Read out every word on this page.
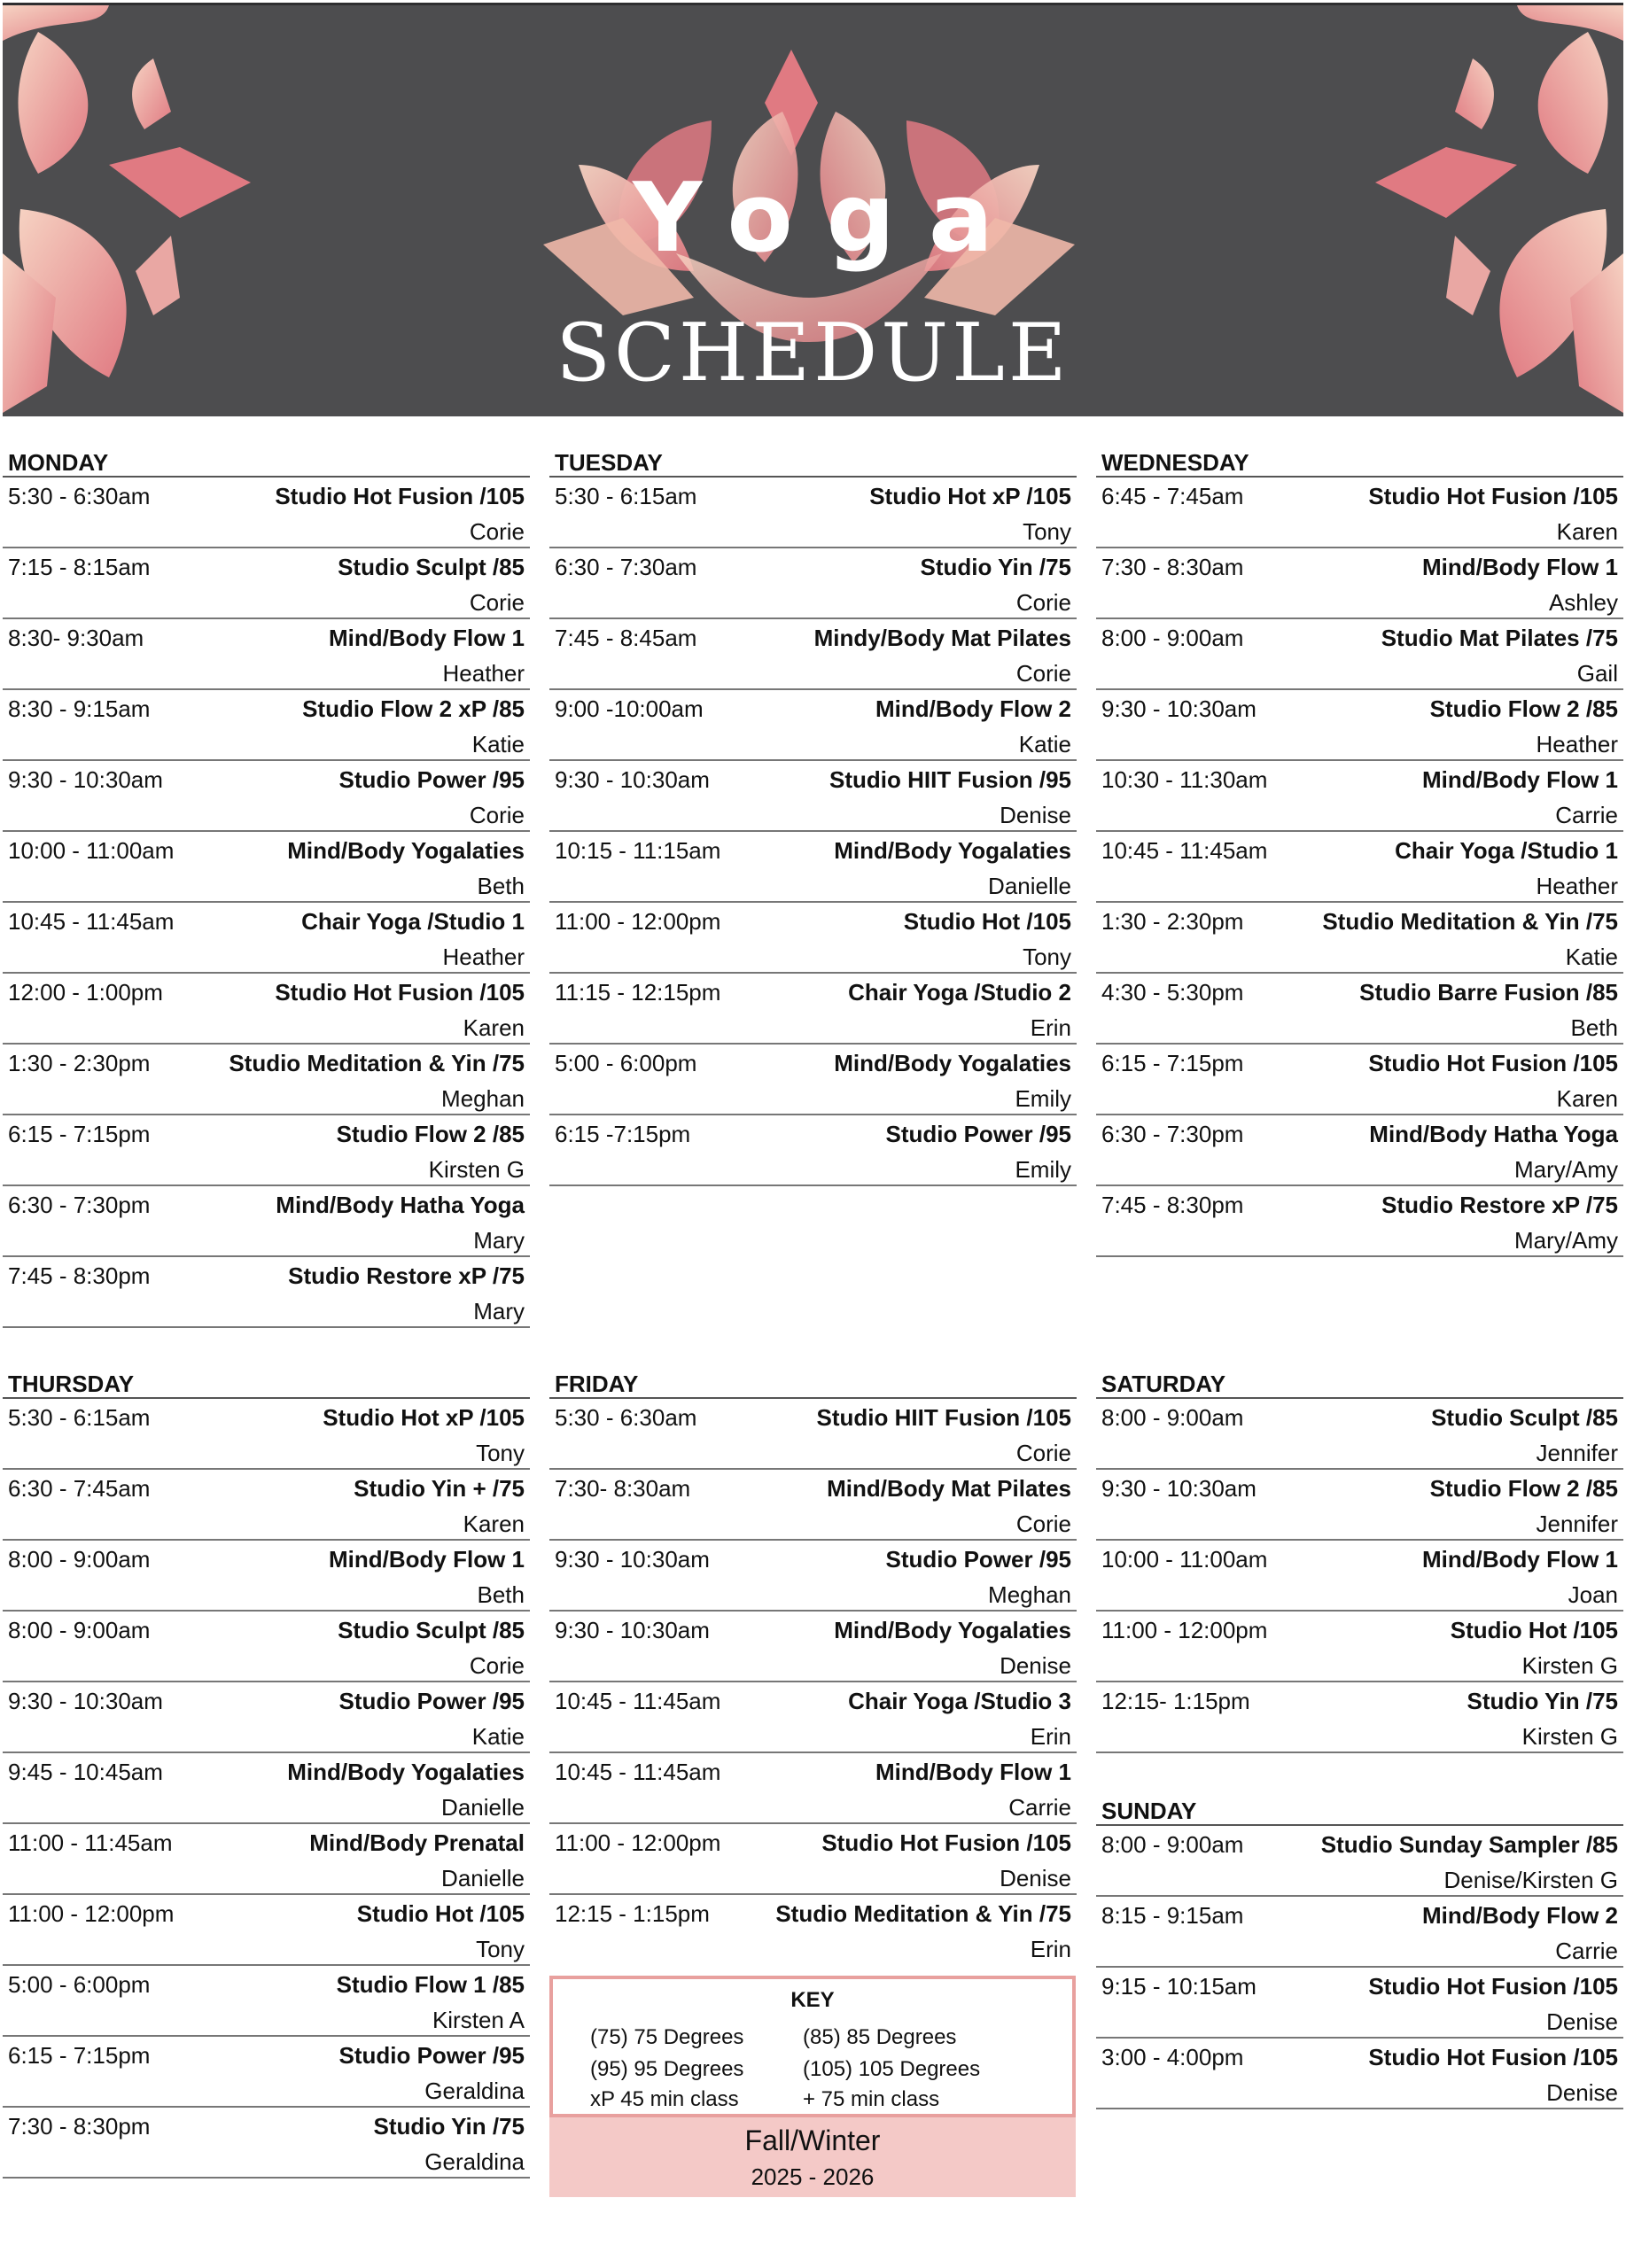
Yoga
SCHEDULE
MONDAY
5:30 - 6:30am	Studio Hot Fusion /105
Corie
7:15 - 8:15am	Studio Sculpt /85
Corie
8:30- 9:30am	Mind/Body Flow 1
Heather
8:30 - 9:15am	Studio Flow 2 xP /85
Katie
9:30 - 10:30am	Studio Power /95
Corie
10:00 - 11:00am	Mind/Body Yogalaties
Beth
10:45 - 11:45am	Chair Yoga /Studio 1
Heather
12:00 - 1:00pm	Studio Hot Fusion /105
Karen
1:30 - 2:30pm	Studio Meditation & Yin /75
Meghan
6:15 - 7:15pm	Studio Flow 2 /85
Kirsten G
6:30 - 7:30pm	Mind/Body Hatha Yoga
Mary
7:45 - 8:30pm	Studio Restore xP /75
Mary
TUESDAY
5:30 - 6:15am	Studio Hot xP /105
Tony
6:30 - 7:30am	Studio Yin /75
Corie
7:45 - 8:45am	Mindy/Body Mat Pilates
Corie
9:00 -10:00am	Mind/Body Flow 2
Katie
9:30 - 10:30am	Studio HIIT Fusion /95
Denise
10:15 - 11:15am	Mind/Body Yogalaties
Danielle
11:00 - 12:00pm	Studio Hot /105
Tony
11:15 - 12:15pm	Chair Yoga /Studio 2
Erin
5:00 - 6:00pm	Mind/Body Yogalaties
Emily
6:15 -7:15pm	Studio Power /95
Emily
WEDNESDAY
6:45 - 7:45am	Studio Hot Fusion /105
Karen
7:30 - 8:30am	Mind/Body Flow 1
Ashley
8:00 - 9:00am	Studio Mat Pilates /75
Gail
9:30 - 10:30am	Studio Flow 2 /85
Heather
10:30 - 11:30am	Mind/Body Flow 1
Carrie
10:45 - 11:45am	Chair Yoga /Studio 1
Heather
1:30 - 2:30pm	Studio Meditation & Yin /75
Katie
4:30 - 5:30pm	Studio Barre Fusion /85
Beth
6:15 - 7:15pm	Studio Hot Fusion /105
Karen
6:30 - 7:30pm	Mind/Body Hatha Yoga
Mary/Amy
7:45 - 8:30pm	Studio Restore xP /75
Mary/Amy
THURSDAY
5:30 - 6:15am	Studio Hot xP /105
Tony
6:30 - 7:45am	Studio Yin + /75
Karen
8:00 - 9:00am	Mind/Body Flow 1
Beth
8:00 - 9:00am	Studio Sculpt /85
Corie
9:30 - 10:30am	Studio Power /95
Katie
9:45 - 10:45am	Mind/Body Yogalaties
Danielle
11:00 - 11:45am	Mind/Body Prenatal
Danielle
11:00 - 12:00pm	Studio Hot /105
Tony
5:00 - 6:00pm	Studio Flow 1 /85
Kirsten A
6:15 - 7:15pm	Studio Power /95
Geraldina
7:30 - 8:30pm	Studio Yin /75
Geraldina
FRIDAY
5:30 - 6:30am	Studio HIIT Fusion /105
Corie
7:30- 8:30am	Mind/Body Mat Pilates
Corie
9:30 - 10:30am	Studio Power /95
Meghan
9:30 - 10:30am	Mind/Body Yogalaties
Denise
10:45 - 11:45am	Chair Yoga /Studio 3
Erin
10:45 - 11:45am	Mind/Body Flow 1
Carrie
11:00 - 12:00pm	Studio Hot Fusion /105
Denise
12:15 - 1:15pm	Studio Meditation & Yin /75
Erin
SATURDAY
8:00 - 9:00am	Studio Sculpt /85
Jennifer
9:30 - 10:30am	Studio Flow 2 /85
Jennifer
10:00 - 11:00am	Mind/Body Flow 1
Joan
11:00 - 12:00pm	Studio Hot /105
Kirsten G
12:15- 1:15pm	Studio Yin /75
Kirsten G
SUNDAY
8:00 - 9:00am	Studio Sunday Sampler /85
Denise/Kirsten G
8:15 - 9:15am	Mind/Body Flow 2
Carrie
9:15 - 10:15am	Studio Hot Fusion /105
Denise
3:00 - 4:00pm	Studio Hot Fusion /105
Denise
KEY
(75) 75 Degrees	(85) 85 Degrees
(95) 95 Degrees	(105) 105 Degrees
xP 45 min class	+ 75 min class
Fall/Winter
2025 - 2026
